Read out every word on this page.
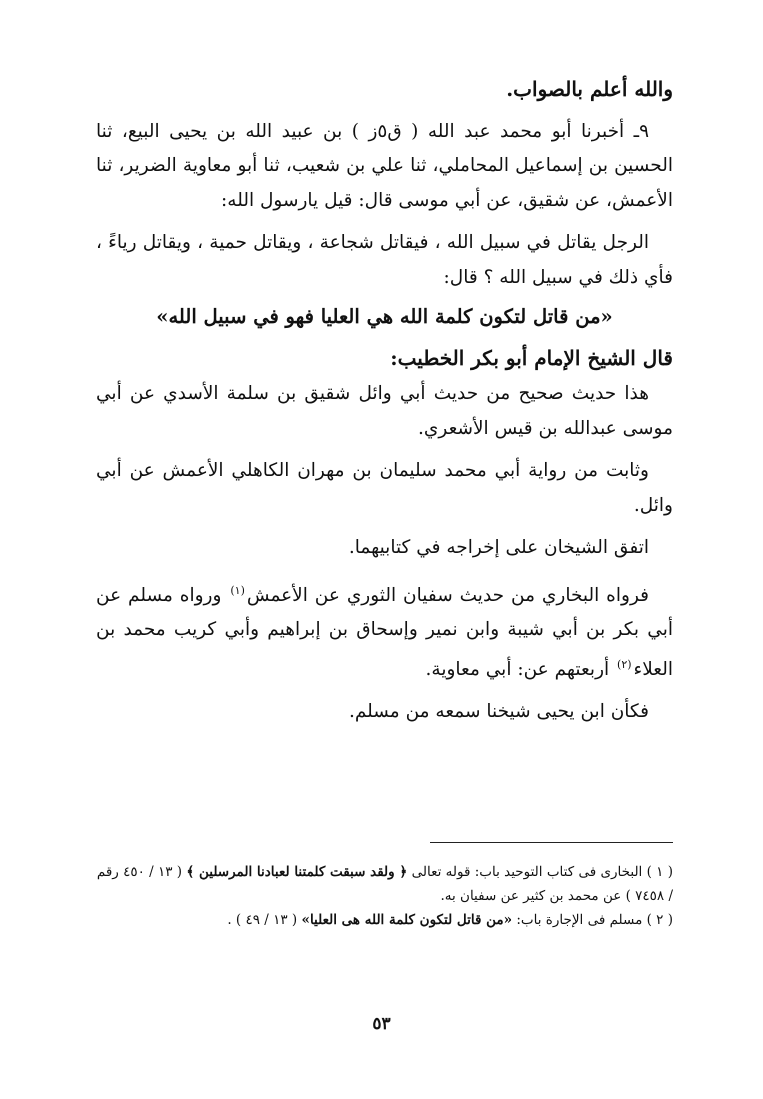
والله أعلم بالصواب.

٩ـ أخبرنا أبو محمد عبد الله ( ق٥ز ) بن عبيد الله بن يحيى البيع، ثنا الحسين بن إسماعيل المحاملي، ثنا علي بن شعيب، ثنا أبو معاوية الضرير، ثنا الأعمش، عن شقيق، عن أبي موسى قال: قيل يارسول الله:

الرجل يقاتل في سبيل الله ، فيقاتل شجاعة ، ويقاتل حمية ، ويقاتل رياءً ، فأي ذلك في سبيل الله ؟ قال:

«من قاتل لتكون كلمة الله هي العليا فهو في سبيل الله»

قال الشيخ الإمام أبو بكر الخطيب:

هذا حديث صحيح من حديث أبي وائل شقيق بن سلمة الأسدي عن أبي موسى عبدالله بن قيس الأشعري.

وثابت من رواية أبي محمد سليمان بن مهران الكاهلي الأعمش عن أبي وائل.

اتفق الشيخان على إخراجه في كتابيهما.

فرواه البخاري من حديث سفيان الثوري عن الأعمش$^{(١)}$ ورواه مسلم عن أبي بكر بن أبي شيبة وابن نمير وإسحاق بن إبراهيم وأبي كريب محمد بن العلاء$^{(٢)}$ أربعتهم عن: أبي معاوية.

فكأن ابن يحيى شيخنا سمعه من مسلم.

( ١ ) البخارى فى كتاب التوحيد باب: قوله تعالى ﴿ ولقد سبقت كلمتنا لعبادنا المرسلين ﴾ ( ١٣ / ٤٥٠ رقم / ٧٤٥٨ ) عن محمد بن كثير عن سفيان به.

( ٢ ) مسلم فى الإجارة باب: «من قاتل لتكون كلمة الله هى العليا» ( ١٣ / ٤٩ ) .

٥٣
